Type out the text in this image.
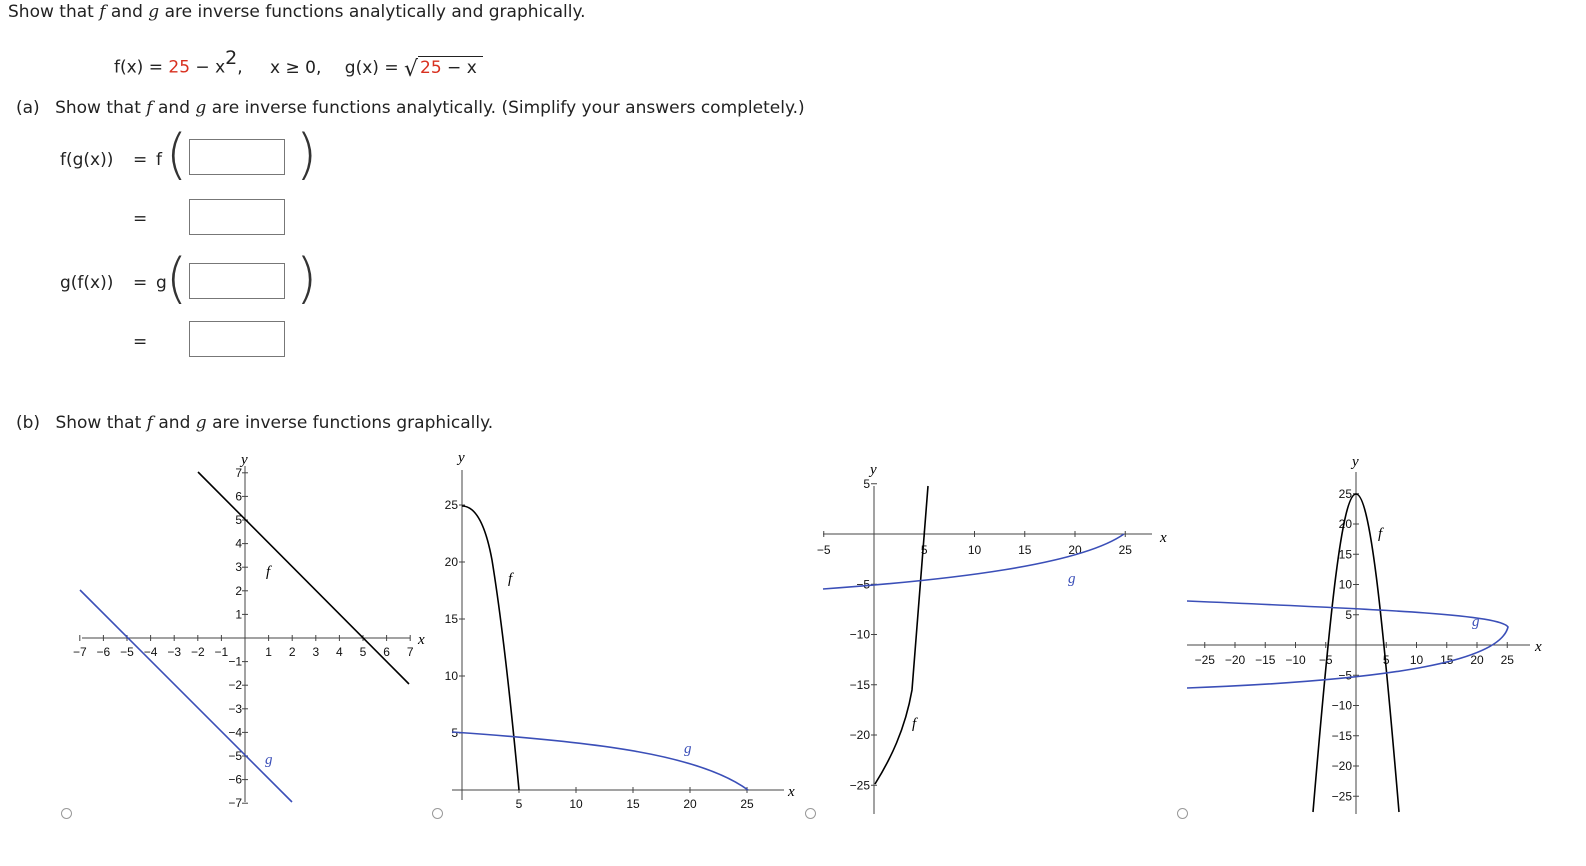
Show that f and g are inverse functions analytically and graphically.
$f(x) = 25 - x^2$, x ≥ 0, g(x) = √ 25 − x
(a) Show that f and g are inverse functions analytically. (Simplify your answers completely.)
f(g(x)) = f ( )
=
g(f(x)) = g ( )
=
(b) Show that f and g are inverse functions graphically.
−7 −6 −5 −4 −3 −2 −1	1 2 3 4 5 6 7
7
6
5
4
3
2
1
−1
−2
−3
−4
−5
−6
−7
f
g
x
y
5	10	15	20	25
25
20
15
10
5
f
g
x
y
−5	5	10	15	20	25
5
−5
−10
−15
−20
−25
f
g
x
y
−25 −20 −15 −10 −5	5 10 15 20 25
25
20
15
10
5
−5
−10
−15
−20
−25
f
g
x
y
